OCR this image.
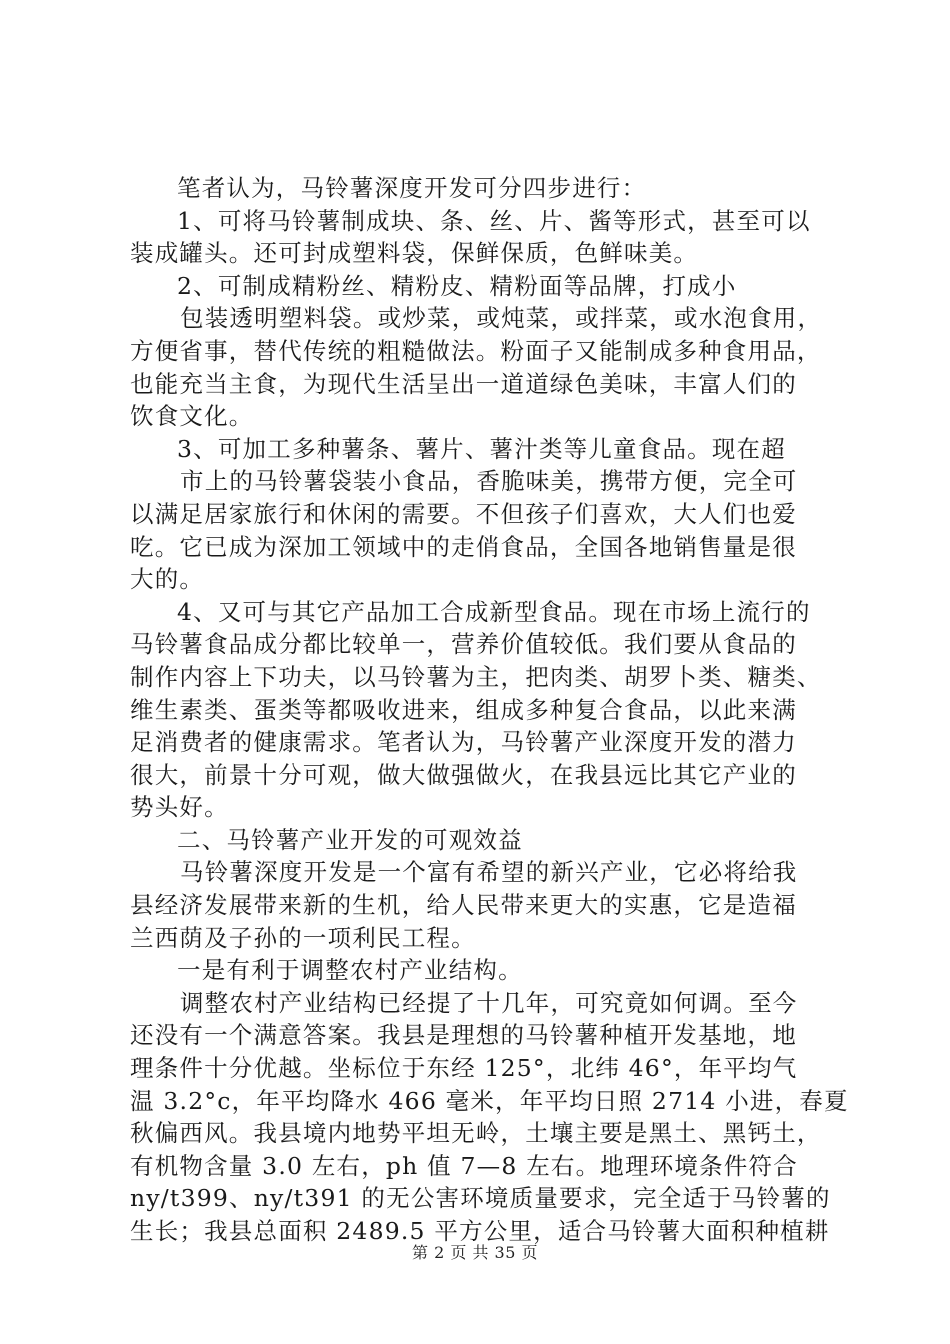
笔者认为，马铃薯深度开发可分四步进行：
1、可将马铃薯制成块、条、丝、片、酱等形式，甚至可以
装成罐头。还可封成塑料袋，保鲜保质，色鲜味美。
2、可制成精粉丝、精粉皮、精粉面等品牌，打成小
包装透明塑料袋。或炒菜，或炖菜，或拌菜，或水泡食用，
方便省事，替代传统的粗糙做法。粉面子又能制成多种食用品，
也能充当主食，为现代生活呈出一道道绿色美味，丰富人们的
饮食文化。
3、可加工多种薯条、薯片、薯汁类等儿童食品。现在超
市上的马铃薯袋装小食品，香脆味美，携带方便，完全可
以满足居家旅行和休闲的需要。不但孩子们喜欢，大人们也爱
吃。它已成为深加工领域中的走俏食品，全国各地销售量是很
大的。
4、又可与其它产品加工合成新型食品。现在市场上流行的
马铃薯食品成分都比较单一，营养价值较低。我们要从食品的
制作内容上下功夫，以马铃薯为主，把肉类、胡罗卜类、糖类、
维生素类、蛋类等都吸收进来，组成多种复合食品，以此来满
足消费者的健康需求。笔者认为，马铃薯产业深度开发的潜力
很大，前景十分可观，做大做强做火，在我县远比其它产业的
势头好。
二、马铃薯产业开发的可观效益
马铃薯深度开发是一个富有希望的新兴产业，它必将给我
县经济发展带来新的生机，给人民带来更大的实惠，它是造福
兰西荫及子孙的一项利民工程。
一是有利于调整农村产业结构。
调整农村产业结构已经提了十几年，可究竟如何调。至今
还没有一个满意答案。我县是理想的马铃薯种植开发基地，地
理条件十分优越。坐标位于东经 125°，北纬 46°，年平均气
温 3.2°c，年平均降水 466 毫米，年平均日照 2714 小进，春夏
秋偏西风。我县境内地势平坦无岭，土壤主要是黑土、黑钙土，
有机物含量 3.0 左右，ph 值 7—8 左右。地理环境条件符合
ny/t399、ny/t391 的无公害环境质量要求，完全适于马铃薯的
生长；我县总面积 2489.5 平方公里，适合马铃薯大面积种植耕
第 2 页 共 35 页
